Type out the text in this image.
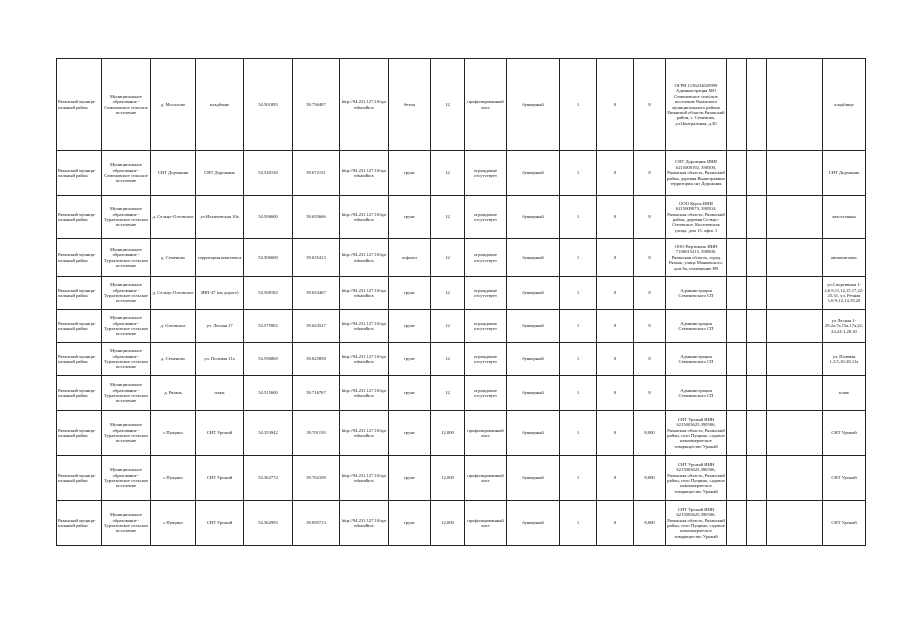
Рязанский муниципальный район	Муниципальное образование - Семеновское сельское поселение	д. Мосолово	кладбище	54.501895	39.736407	http://94.231.127.10/spr edsandbox	бетон	12	профилированный лист	бункерный	1	0	8	ОГРН 1156234029999 Администрация МО Семеновское сельское поселение Рязанского муниципального района Рязанской области Рязанский район, с. Семеново, ул.Центральная, д.30				кладбище
Рязанский муниципальный район	Муниципальное образование - Семеновское сельское поселение	СНТ Дорожник	СНТ Дорожник	54.520130	39.672131	http://94.231.127.10/spr edsandbox	грунт	12	ограждение отсутствует	бункерный	1	0	8	СНТ Дорожник ИНН 6215008192, 390500, Рязанская область, Рязанский район, деревня Вышетравино территория снт Дорожник				СНТ Дорожник
Рязанский муниципальный район	Муниципальное образование - Турлатовское сельское поселение	д. Сельцо-Олтовское	ул.Ильичевская 10а	54.506600	39.635666	http://94.231.127.10/spr edsandbox	грунт	12	ограждение отсутствует	бункерный	1	0	8	ООО Курск ИНН 6215009073, 390504, Рязанская область, Рязанский район, деревня Сельцо-Олтовское, Киселевская улица, дом 15, офис 1				автостоянка
Рязанский муниципальный район	Муниципальное образование - Турлатовское сельское поселение	д. Семеново	территория комплекса	54.506600	39.635413	http://94.231.127.10/spr edsandbox	асфальт	12	ограждение отсутствует	бункерный	1	0	8	ООО Вертикаль ИНН 7106015415, 390000, Рязанская область, город Рязань, улица Маяковского, дом 8а, помещение Н9				автокомплекс
Рязанский муниципальный район	Муниципальное образование - Турлатовское сельское поселение	д. Сельцо-Олтовское	ЗНП-47 (на дороге)	54.568182	39.633467	http://94.231.127.10/spr edsandbox	грунт	12	ограждение отсутствует	бункерный	1	0	8	Администрация Семеновского СП				ул.Спортивная 1-2,6,9,11,12,15,17,22-25,31, ул. Речная 1,6-9,12,14,19,20
Рязанский муниципальный район	Муниципальное образование - Турлатовское сельское поселение	д. Олтовское	ул. Лесная 17	54.575902	39.623527	http://94.231.127.10/spr edsandbox	грунт	12	ограждение отсутствует	бункерный	1	0	8	Администрация Семеновского СП				ул.Лесная 1-29,2а,7а,15а,17а,22,24,24-1,28,30
Рязанский муниципальный район	Муниципальное образование - Турлатовское сельское поселение	д. Семеново	ул. Полевая 11а	54.596869	39.625858	http://94.231.127.10/spr edsandbox	грунт	12	ограждение отсутствует	бункерный	1	0	8	Администрация Семеновского СП				ул. Полевая 1,3,5,10-28,11а
Рязанский муниципальный район	Муниципальное образование - Турлатовское сельское поселение	д. Рязань	пляж	54.515600	39.716767	http://94.231.127.10/spr edsandbox	грунт	12	ограждение отсутствует	бункерный	1	0	8	Администрация Семеновского СП				пляж
Рязанский муниципальный район	Муниципальное образование - Турлатовское сельское поселение	с.Пущино	СНТ Урожай	54.353942	39.701193	http://94.231.127.10/spr edsandbox	грунт	12,000	профилированный лист	бункерный	1	0	8,000	СНТ Урожай ИНН 6215003625,390506, Рязанская область, Рязанский район, село Пущино, садовое некоммерческое товарищество Урожай				СНТ Урожай
Рязанский муниципальный район	Муниципальное образование - Турлатовское сельское поселение	с.Пущино	СНТ Урожай	54.362772	39.702109	http://94.231.127.10/spr edsandbox	грунт	12,000	профилированный лист	бункерный	1	0	8,000	СНТ Урожай ИНН 6215003625,390506, Рязанская область, Рязанский район, село Пущино, садовое некоммерческое товарищество Урожай				СНТ Урожай
Рязанский муниципальный район	Муниципальное образование - Турлатовское сельское поселение	с.Пущино	СНТ Урожай	54.362995	39.695713	http://94.231.127.10/spr edsandbox	грунт	12,000	профилированный лист	бункерный	1	0	8,000	СНТ Урожай ИНН 6215003625,390506, Рязанская область, Рязанский район, село Пущино, садовое некоммерческое товарищество Урожай				СНТ Урожай
